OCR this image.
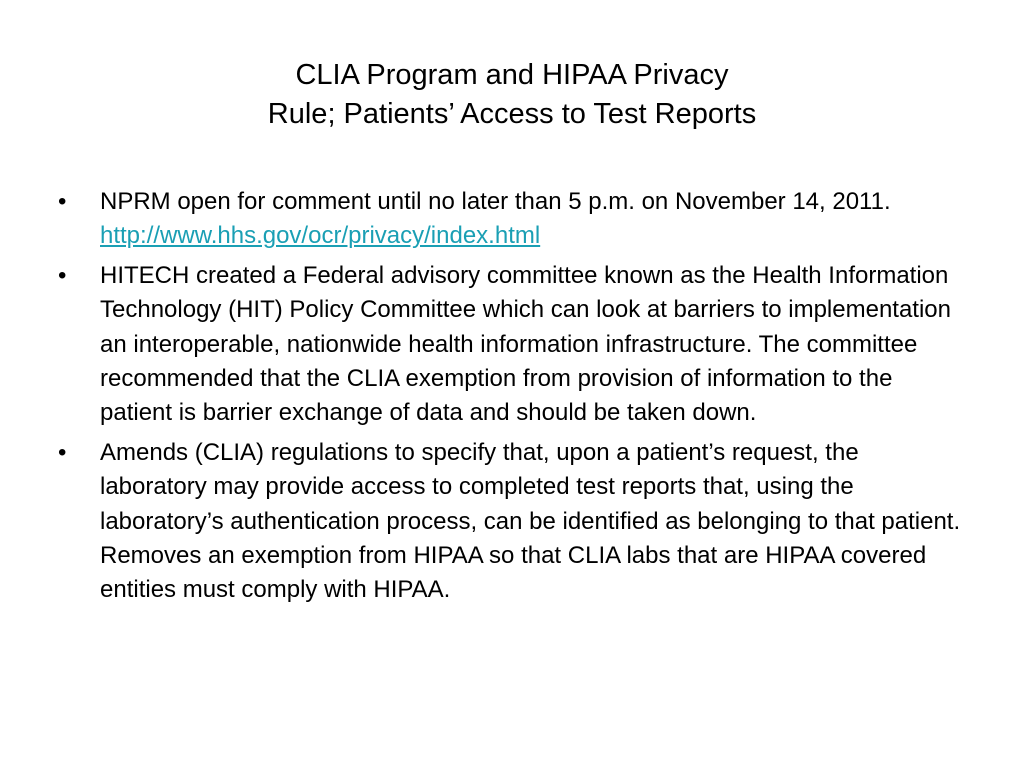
CLIA Program and HIPAA Privacy
Rule; Patients’ Access to Test Reports
•	NPRM open for comment until no later than 5 p.m. on November 14, 2011. http://www.hhs.gov/ocr/privacy/index.html
•	HITECH created a Federal advisory committee known as the Health Information Technology (HIT) Policy Committee which can look at barriers to implementation an interoperable, nationwide health information infrastructure. The committee recommended that the CLIA exemption from provision of information to the patient is barrier exchange of data and should be taken down.
•	Amends (CLIA) regulations to specify that, upon a patient’s request, the laboratory may provide access to completed test reports that, using the laboratory’s authentication process, can be identified as belonging to that patient. Removes an exemption from HIPAA so that CLIA labs that are HIPAA covered entities must comply with HIPAA.
